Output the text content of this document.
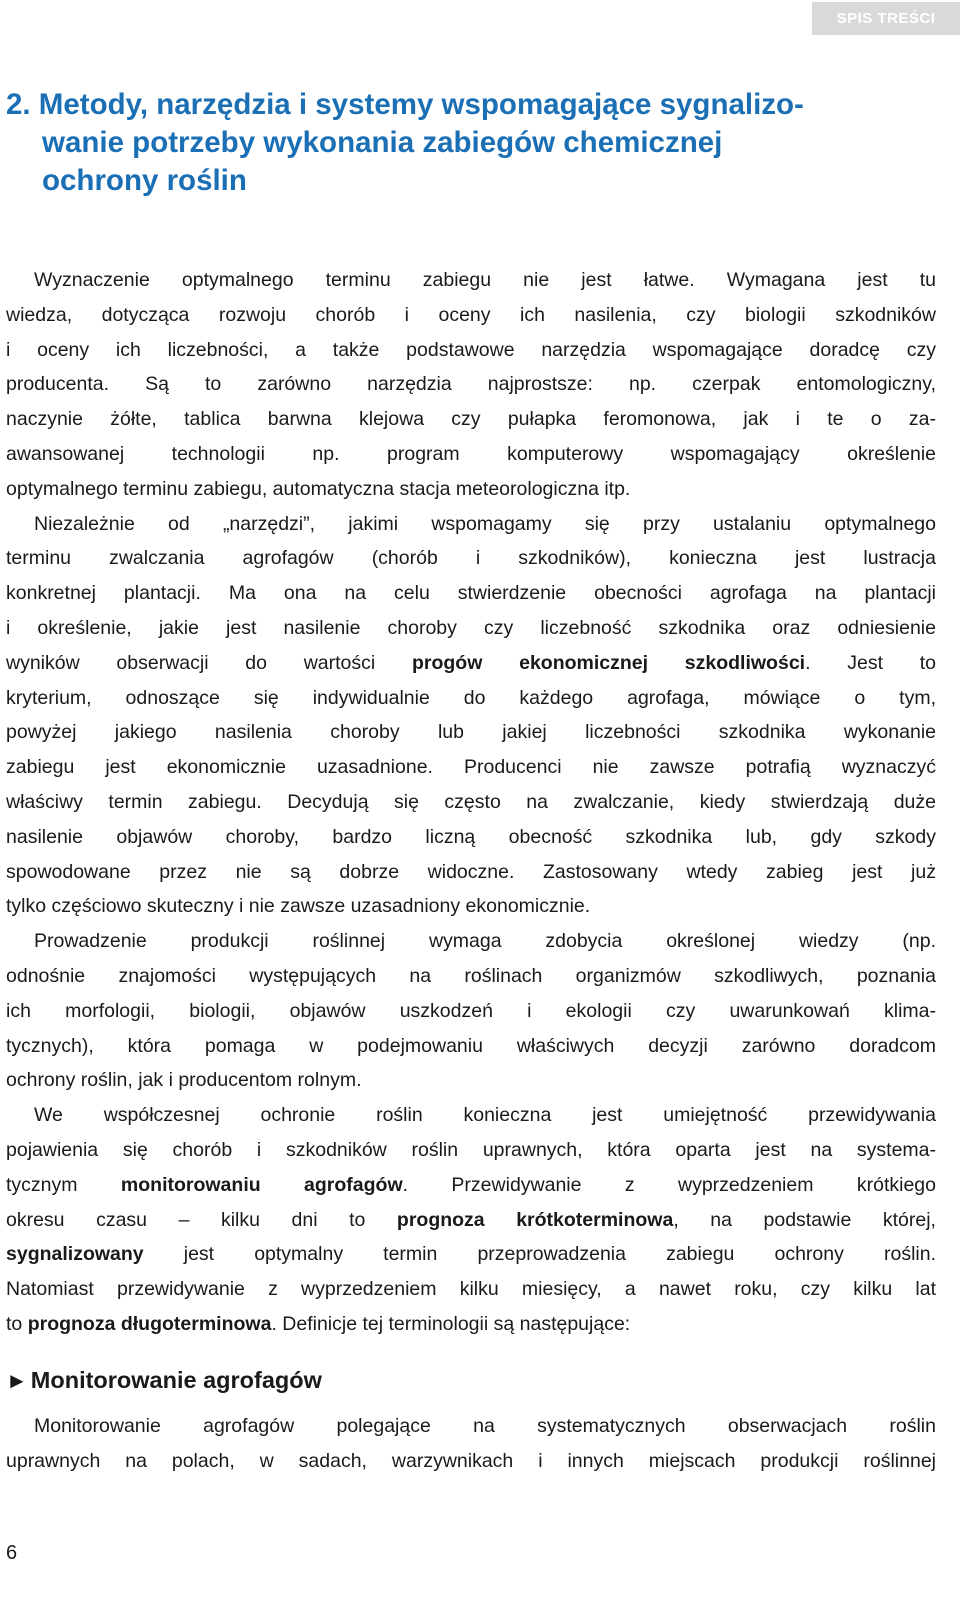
SPIS TREŚCI
2. Metody, narzędzia i systemy wspomagające sygnalizo-
wanie potrzeby wykonania zabiegów chemicznej
ochrony roślin

Wyznaczenie optymalnego terminu zabiegu nie jest łatwe. Wymagana jest tu
wiedza, dotycząca rozwoju chorób i oceny ich nasilenia, czy biologii szkodników
i oceny ich liczebności, a także podstawowe narzędzia wspomagające doradcę czy
producenta. Są to zarówno narzędzia najprostsze: np. czerpak entomologiczny,
naczynie żółte, tablica barwna klejowa czy pułapka feromonowa, jak i te o za-
awansowanej technologii np. program komputerowy wspomagający określenie
optymalnego terminu zabiegu, automatyczna stacja meteorologiczna itp.

Niezależnie od „narzędzi”, jakimi wspomagamy się przy ustalaniu optymalnego
terminu zwalczania agrofagów (chorób i szkodników), konieczna jest lustracja
konkretnej plantacji. Ma ona na celu stwierdzenie obecności agrofaga na plantacji
i określenie, jakie jest nasilenie choroby czy liczebność szkodnika oraz odniesienie
wyników obserwacji do wartości progów ekonomicznej szkodliwości. Jest to
kryterium, odnoszące się indywidualnie do każdego agrofaga, mówiące o tym,
powyżej jakiego nasilenia choroby lub jakiej liczebności szkodnika wykonanie
zabiegu jest ekonomicznie uzasadnione. Producenci nie zawsze potrafią wyznaczyć
właściwy termin zabiegu. Decydują się często na zwalczanie, kiedy stwierdzają duże
nasilenie objawów choroby, bardzo liczną obecność szkodnika lub, gdy szkody
spowodowane przez nie są dobrze widoczne. Zastosowany wtedy zabieg jest już
tylko częściowo skuteczny i nie zawsze uzasadniony ekonomicznie.

Prowadzenie produkcji roślinnej wymaga zdobycia określonej wiedzy (np.
odnośnie znajomości występujących na roślinach organizmów szkodliwych, poznania
ich morfologii, biologii, objawów uszkodzeń i ekologii czy uwarunkowań klima-
tycznych), która pomaga w podejmowaniu właściwych decyzji zarówno doradcom
ochrony roślin, jak i producentom rolnym.

We współczesnej ochronie roślin konieczna jest umiejętność przewidywania
pojawienia się chorób i szkodników roślin uprawnych, która oparta jest na systema-
tycznym monitorowaniu agrofagów. Przewidywanie z wyprzedzeniem krótkiego
okresu czasu – kilku dni to prognoza krótkoterminowa, na podstawie której,
sygnalizowany jest optymalny termin przeprowadzenia zabiegu ochrony roślin.
Natomiast przewidywanie z wyprzedzeniem kilku miesięcy, a nawet roku, czy kilku lat
to prognoza długoterminowa. Definicje tej terminologii są następujące:

► Monitorowanie agrofagów

Monitorowanie agrofagów polegające na systematycznych obserwacjach roślin
uprawnych na polach, w sadach, warzywnikach i innych miejscach produkcji roślinnej

6
